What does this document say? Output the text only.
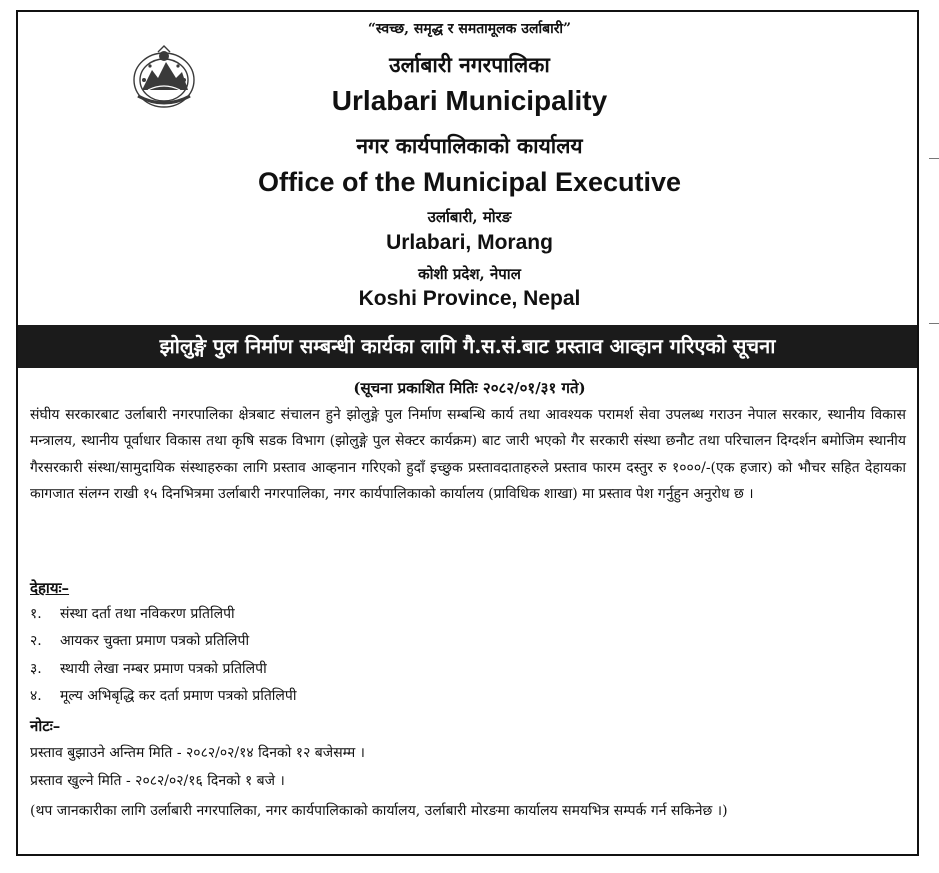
“स्वच्छ, समृद्ध र समतामूलक उर्लाबारी”
उर्लाबारी नगरपालिका
Urlabari Municipality
नगर कार्यपालिकाको कार्यालय
Office of the Municipal Executive
उर्लाबारी, मोरङ
Urlabari, Morang
कोशी प्रदेश, नेपाल
Koshi Province, Nepal
झोलुङ्गे पुल निर्माण सम्बन्धी कार्यका लागि गै.स.सं.बाट प्रस्ताव आव्हान गरिएको सूचना
(सूचना प्रकाशित मितिः २०८२/०१/३१ गते)
संघीय सरकारबाट उर्लाबारी नगरपालिका क्षेत्रबाट संचालन हुने झोलुङ्गे पुल निर्माण सम्बन्धि कार्य तथा आवश्यक परामर्श सेवा उपलब्ध गराउन नेपाल सरकार, स्थानीय विकास मन्त्रालय, स्थानीय पूर्वाधार विकास तथा कृषि सडक विभाग (झोलुङ्गे पुल सेक्टर कार्यक्रम) बाट जारी भएको गैर सरकारी संस्था छनौट तथा परिचालन दिग्दर्शन बमोजिम स्थानीय गैरसरकारी संस्था/सामुदायिक संस्थाहरुका लागि प्रस्ताव आव्हनान गरिएको हुदाँ इच्छुक प्रस्तावदाताहरुले प्रस्ताव फारम दस्तुर रु १०००/-(एक हजार) को भौचर सहित देहायका कागजात संलग्न राखी १५ दिनभित्रमा उर्लाबारी नगरपालिका, नगर कार्यपालिकाको कार्यालय (प्राविधिक शाखा) मा प्रस्ताव पेश गर्नुहुन अनुरोध छ ।
देहायः–
१. संस्था दर्ता तथा नविकरण प्रतिलिपी
२. आयकर चुक्ता प्रमाण पत्रको प्रतिलिपी
३. स्थायी लेखा नम्बर प्रमाण पत्रको प्रतिलिपी
४. मूल्य अभिबृद्धि कर दर्ता प्रमाण पत्रको प्रतिलिपी
नोटः–
प्रस्ताव बुझाउने अन्तिम मिति - २०८२/०२/१४ दिनको १२ बजेसम्म ।
प्रस्ताव खुल्ने मिति - २०८२/०२/१६ दिनको १ बजे ।
(थप जानकारीका लागि उर्लाबारी नगरपालिका, नगर कार्यपालिकाको कार्यालय, उर्लाबारी मोरङमा कार्यालय समयभित्र सम्पर्क गर्न सकिनेछ ।)
